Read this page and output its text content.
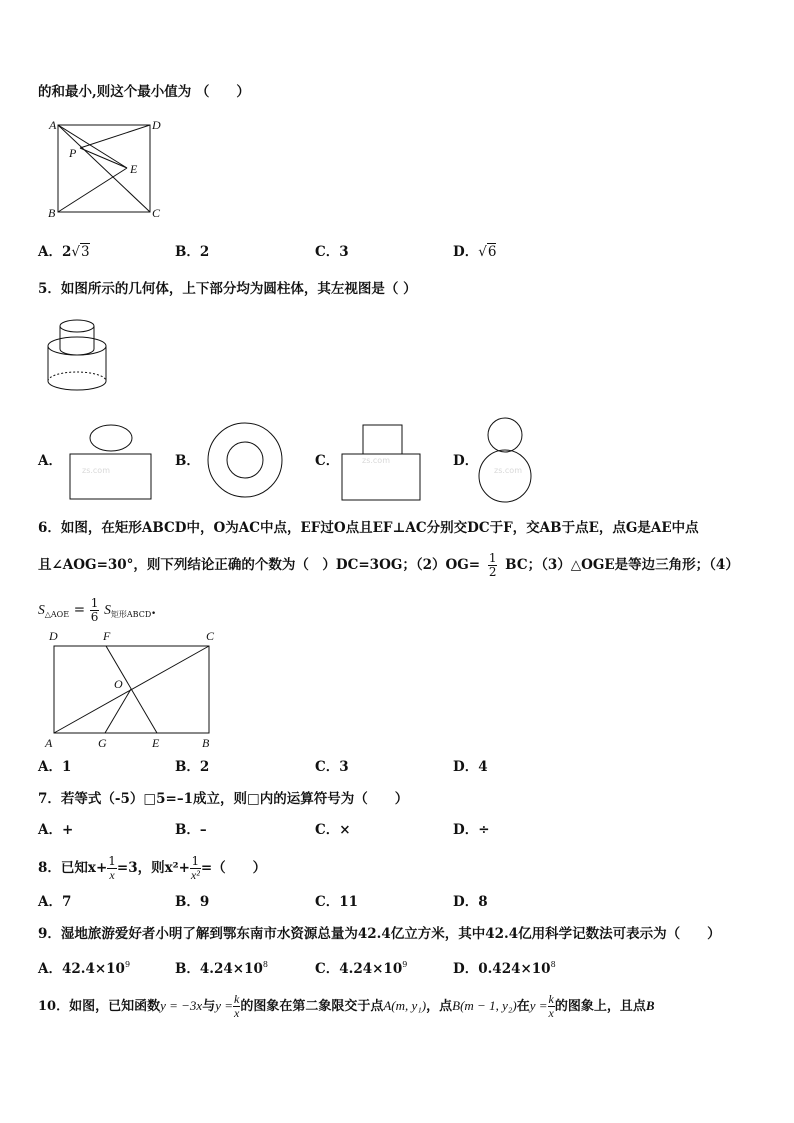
的和最小,则这个最小值为 （　　）
A	D
P
E
B	C
A．2√3	B．2	C．3	D．√6
5．如图所示的几何体，上下部分均为圆柱体，其左视图是（ ）
A．	B．	C．	D．
zs.com
zs.com
zs.com
6．如图，在矩形ABCD中，O为AC中点，EF过O点且EF⊥AC分别交DC于F，交AB于点E，点G是AE中点
且∠AOG=30°，则下列结论正确的个数为（　）DC=3OG；$(2)OG= \frac{1}{2}$ BC；（3）△OGE是等边三角形；（4）
$S_{\triangle AOE} = \frac{1}{6} S_{矩形ABCD}$.
D	F	C
O
A	G	E	B
A．1	B．2	C．3	D．4
7．若等式（-5）□5=–1成立，则□内的运算符号为（　　）
A．+	B．–	C．×	D．÷
8．已知$x+ \frac{1}{x} =3$，则$x^2+ \frac{1}{\text{x²}}$ =（　　）
A．7	B．9	C．11	D．8
9．湿地旅游爱好者小明了解到鄂东南市水资源总量为42.4亿立方米，其中42.4亿用科学记数法可表示为（　　）
A．$42.4\times 10^9$	B．$4.24\times 10^8$	C．$4.24\times 10^9$	D．$0.424\times 10^8$
10．如图，已知函数y = −3x与$y = \frac{k}{x}$ 的图象在第二象限交于点A(m, y₁)，点B(m − 1, y₂)在$y = \frac{k}{x}$ 的图象上，且点B
